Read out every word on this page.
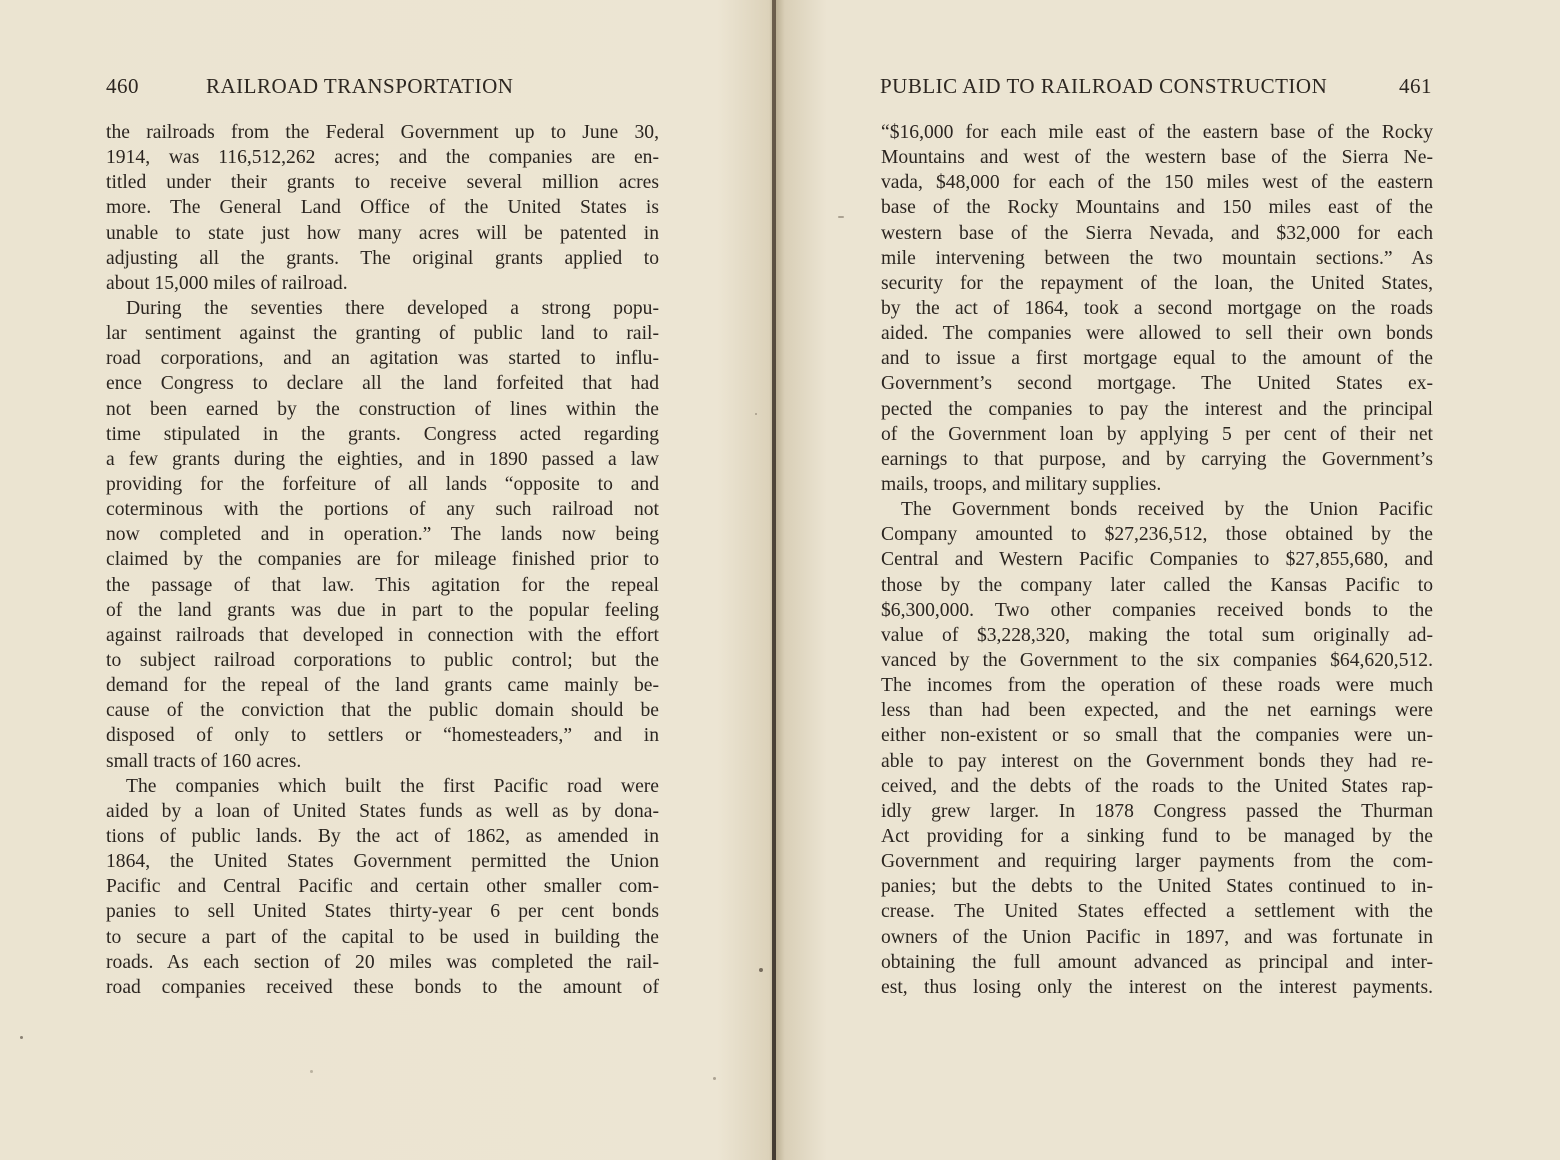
460	RAILROAD TRANSPORTATION
the railroads from the Federal Government up to June 30,
1914, was 116,512,262 acres; and the companies are en-
titled under their grants to receive several million acres
more. The General Land Office of the United States is
unable to state just how many acres will be patented in
adjusting all the grants. The original grants applied to
about 15,000 miles of railroad.
During the seventies there developed a strong popu-
lar sentiment against the granting of public land to rail-
road corporations, and an agitation was started to influ-
ence Congress to declare all the land forfeited that had
not been earned by the construction of lines within the
time stipulated in the grants. Congress acted regarding
a few grants during the eighties, and in 1890 passed a law
providing for the forfeiture of all lands “opposite to and
coterminous with the portions of any such railroad not
now completed and in operation.” The lands now being
claimed by the companies are for mileage finished prior to
the passage of that law. This agitation for the repeal
of the land grants was due in part to the popular feeling
against railroads that developed in connection with the effort
to subject railroad corporations to public control; but the
demand for the repeal of the land grants came mainly be-
cause of the conviction that the public domain should be
disposed of only to settlers or “homesteaders,” and in
small tracts of 160 acres.
The companies which built the first Pacific road were
aided by a loan of United States funds as well as by dona-
tions of public lands. By the act of 1862, as amended in
1864, the United States Government permitted the Union
Pacific and Central Pacific and certain other smaller com-
panies to sell United States thirty-year 6 per cent bonds
to secure a part of the capital to be used in building the
roads. As each section of 20 miles was completed the rail-
road companies received these bonds to the amount of
PUBLIC AID TO RAILROAD CONSTRUCTION	461
“$16,000 for each mile east of the eastern base of the Rocky
Mountains and west of the western base of the Sierra Ne-
vada, $48,000 for each of the 150 miles west of the eastern
base of the Rocky Mountains and 150 miles east of the
western base of the Sierra Nevada, and $32,000 for each
mile intervening between the two mountain sections.” As
security for the repayment of the loan, the United States,
by the act of 1864, took a second mortgage on the roads
aided. The companies were allowed to sell their own bonds
and to issue a first mortgage equal to the amount of the
Government’s second mortgage. The United States ex-
pected the companies to pay the interest and the principal
of the Government loan by applying 5 per cent of their net
earnings to that purpose, and by carrying the Government’s
mails, troops, and military supplies.
The Government bonds received by the Union Pacific
Company amounted to $27,236,512, those obtained by the
Central and Western Pacific Companies to $27,855,680, and
those by the company later called the Kansas Pacific to
$6,300,000. Two other companies received bonds to the
value of $3,228,320, making the total sum originally ad-
vanced by the Government to the six companies $64,620,512.
The incomes from the operation of these roads were much
less than had been expected, and the net earnings were
either non-existent or so small that the companies were un-
able to pay interest on the Government bonds they had re-
ceived, and the debts of the roads to the United States rap-
idly grew larger. In 1878 Congress passed the Thurman
Act providing for a sinking fund to be managed by the
Government and requiring larger payments from the com-
panies; but the debts to the United States continued to in-
crease. The United States effected a settlement with the
owners of the Union Pacific in 1897, and was fortunate in
obtaining the full amount advanced as principal and inter-
est, thus losing only the interest on the interest payments.
